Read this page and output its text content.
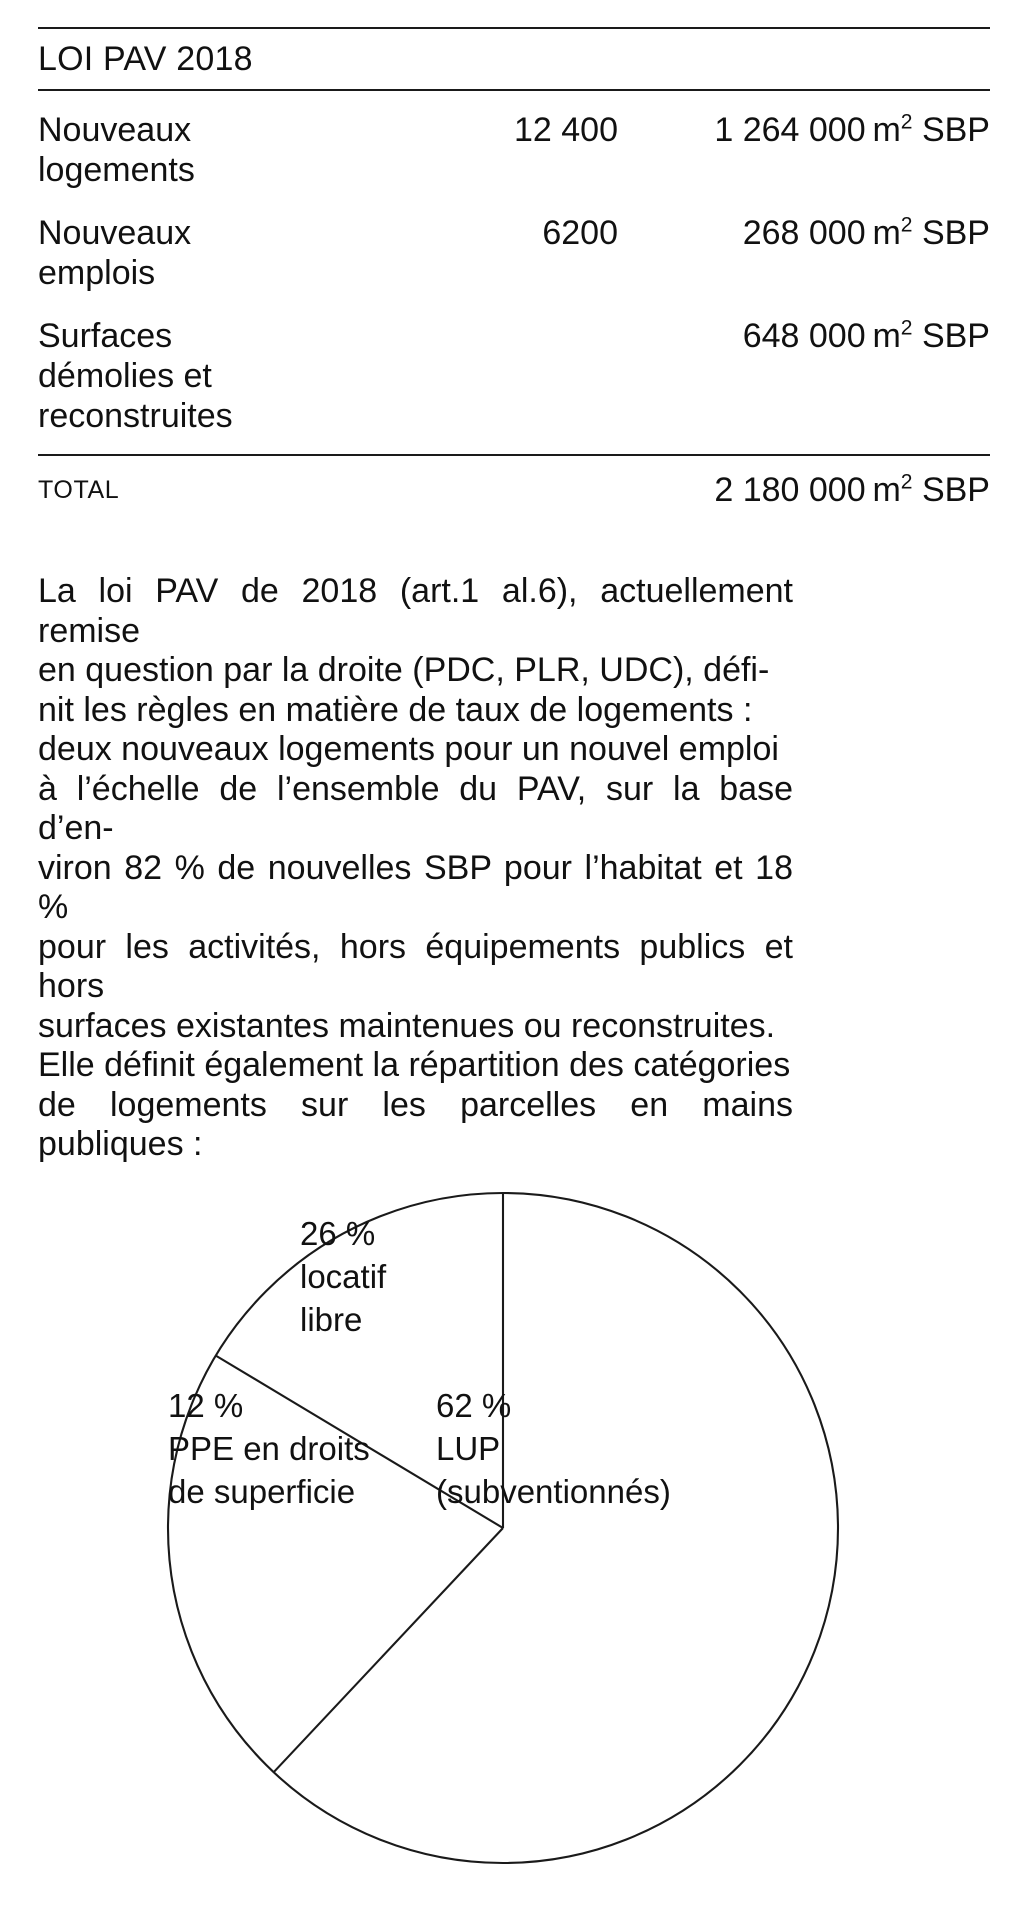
LOI PAV 2018
Nouveaux
logements	12 400	1 264 000  $m^2$ SBP

Nouveaux
emplois	6200	268 000  $m^2$ SBP

Surfaces
démolies et
reconstruites		648 000  $m^2$ SBP
TOTAL		2 180 000  $m^2$ SBP
La loi PAV de 2018 (art.1 al.6), actuellement remise
en question par la droite (PDC, PLR, UDC), défi-
nit les règles en matière de taux de logements :
deux nouveaux logements pour un nouvel emploi
à l’échelle de l’ensemble du PAV, sur la base d’en-
viron 82 % de nouvelles SBP pour l’habitat et 18 %
pour les activités, hors équipements publics et hors
surfaces existantes maintenues ou reconstruites.
Elle définit également la répartition des catégories
de logements sur les parcelles en mains publiques :
26 %
locatif
libre
12 %
PPE en droits
de superficie
62 %
LUP
(subventionnés)
